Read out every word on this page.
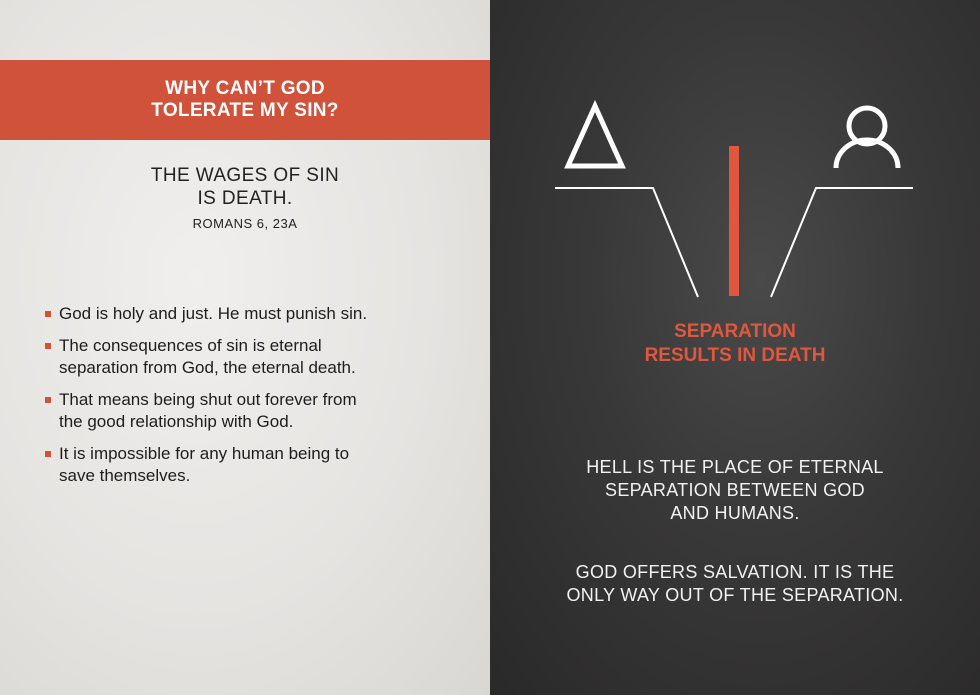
WHY CAN’T GOD
TOLERATE MY SIN?
THE WAGES OF SIN
IS DEATH.
ROMANS 6, 23A
God is holy and just. He must punish sin.
The consequences of sin is eternal
separation from God, the eternal death.
That means being shut out forever from
the good relationship with God.
It is impossible for any human being to
save themselves.
SEPARATION
RESULTS IN DEATH
HELL IS THE PLACE OF ETERNAL
SEPARATION BETWEEN GOD
AND HUMANS.
GOD OFFERS SALVATION. IT IS THE
ONLY WAY OUT OF THE SEPARATION.
